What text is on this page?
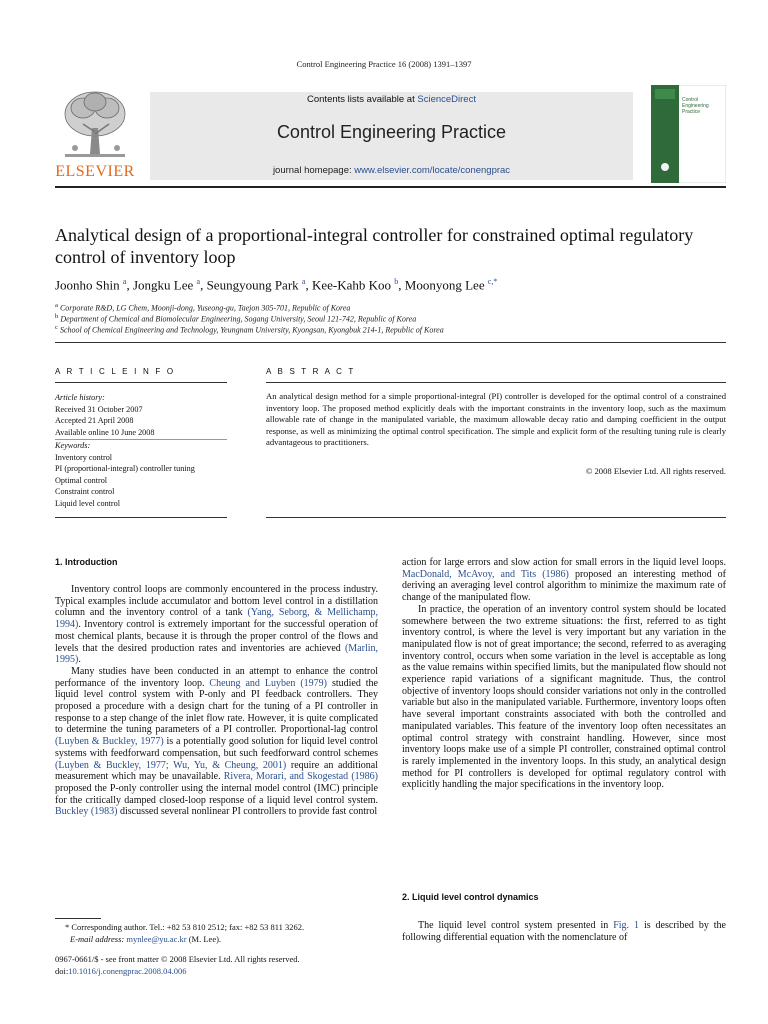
Control Engineering Practice 16 (2008) 1391–1397
ELSEVIER
Contents lists available at ScienceDirect
Control Engineering Practice
journal homepage: www.elsevier.com/locate/conengprac
Control Engineering Practice
Analytical design of a proportional-integral controller for constrained optimal regulatory control of inventory loop
Joonho Shin $^a$, Jongku Lee $^a$, Seungyoung Park $^a$, Kee-Kahb Koo $^b$, Moonyong Lee $^{c,*}$
$^a$ Corporate R&D, LG Chem, Moonji-dong, Yuseong-gu, Taejon 305-701, Republic of Korea
$^b$ Department of Chemical and Biomolecular Engineering, Sogang University, Seoul 121-742, Republic of Korea
$^c$ School of Chemical Engineering and Technology, Yeungnam University, Kyongsan, Kyongbuk 214-1, Republic of Korea
A R T I C L E I N F O
Article history:
Received 31 October 2007
Accepted 21 April 2008
Available online 10 June 2008
Keywords:
Inventory control
PI (proportional-integral) controller tuning
Optimal control
Constraint control
Liquid level control
A B S T R A C T
An analytical design method for a simple proportional-integral (PI) controller is developed for the optimal control of a constrained inventory loop. The proposed method explicitly deals with the important constraints in the inventory loop, such as the maximum allowable rate of change in the manipulated variable, the maximum allowable decay ratio and damping coefficient in the output response, as well as minimizing the optimal control specification. The simple and explicit form of the resulting tuning rule is clearly advantageous to practitioners.
© 2008 Elsevier Ltd. All rights reserved.
1. Introduction

Inventory control loops are commonly encountered in the process industry. Typical examples include accumulator and bottom level control in a distillation column and the inventory control of a tank (Yang, Seborg, & Mellichamp, 1994). Inventory control is extremely important for the successful operation of most chemical plants, because it is through the proper control of the flows and levels that the desired production rates and inventories are achieved (Marlin, 1995).

Many studies have been conducted in an attempt to enhance the control performance of the inventory loop. Cheung and Luyben (1979) studied the liquid level control system with P-only and PI feedback controllers. They proposed a procedure with a design chart for the tuning of a PI controller in response to a step change of the inlet flow rate. However, it is quite complicated to determine the tuning parameters of a PI controller. Proportional-lag control (Luyben & Buckley, 1977) is a potentially good solution for liquid level control systems with feedforward compensation, but such feedforward control schemes (Luyben & Buckley, 1977; Wu, Yu, & Cheung, 2001) require an additional measurement which may be unavailable. Rivera, Morari, and Skogestad (1986) proposed the P-only controller using the internal model control (IMC) principle for the critically damped closed-loop response of a liquid level control system. Buckley (1983) discussed several nonlinear PI controllers to provide fast control

action for large errors and slow action for small errors in the liquid level loops. MacDonald, McAvoy, and Tits (1986) proposed an interesting method of deriving an averaging level control algorithm to minimize the maximum rate of change of the manipulated flow.

In practice, the operation of an inventory control system should be located somewhere between the two extreme situations: the first, referred to as tight inventory control, is where the level is very important but any variation in the manipulated flow is not of great importance; the second, referred to as averaging inventory control, occurs when some variation in the level is acceptable as long as the value remains within specified limits, but the manipulated flow should not experience rapid variations of a significant magnitude. Thus, the control objective of inventory loops should consider variations not only in the controlled variable but also in the manipulated variable. Furthermore, inventory loops often have several important constraints associated with both the controlled and manipulated variables. This feature of the inventory loop often necessitates an optimal control strategy with constraint handling. However, since most inventory loops make use of a simple PI controller, constrained optimal control is rarely implemented in the inventory loops. In this study, an analytical design method for PI controllers is developed for optimal regulatory control with explicitly handling the major specifications in the inventory loop.

2. Liquid level control dynamics

The liquid level control system presented in Fig. 1 is described by the following differential equation with the nomenclature of

* Corresponding author. Tel.: +82 53 810 2512; fax: +82 53 811 3262.
E-mail address: mynlee@yu.ac.kr (M. Lee).
0967-0661/$ - see front matter © 2008 Elsevier Ltd. All rights reserved.
doi:10.1016/j.conengprac.2008.04.006
